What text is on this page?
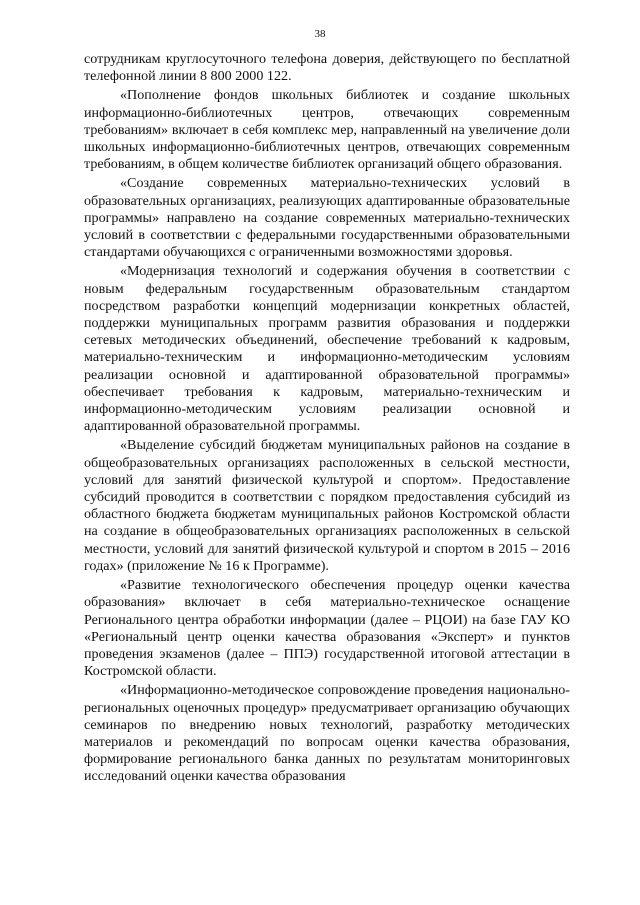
38

сотрудникам круглосуточного телефона доверия, действующего по бесплатной телефонной линии 8 800 2000 122.

«Пополнение фондов школьных библиотек и создание школьных информационно-библиотечных центров, отвечающих современным требованиям» включает в себя комплекс мер, направленный на увеличение доли школьных информационно-библиотечных центров, отвечающих современным требованиям, в общем количестве библиотек организаций общего образования.

«Создание современных материально-технических условий в образовательных организациях, реализующих адаптированные образовательные программы» направлено на создание современных материально-технических условий в соответствии с федеральными государственными образовательными стандартами обучающихся с ограниченными возможностями здоровья.

«Модернизация технологий и содержания обучения в соответствии с новым федеральным государственным образовательным стандартом посредством разработки концепций модернизации конкретных областей, поддержки муниципальных программ развития образования и поддержки сетевых методических объединений, обеспечение требований к кадровым, материально-техническим и информационно-методическим условиям реализации основной и адаптированной образовательной программы» обеспечивает требования к кадровым, материально-техническим и информационно-методическим условиям реализации основной и адаптированной образовательной программы.

«Выделение субсидий бюджетам муниципальных районов на создание в общеобразовательных организациях расположенных в сельской местности, условий для занятий физической культурой и спортом». Предоставление субсидий проводится в соответствии с порядком предоставления субсидий из областного бюджета бюджетам муниципальных районов Костромской области на создание в общеобразовательных организациях расположенных в сельской местности, условий для занятий физической культурой и спортом в 2015 – 2016 годах» (приложение № 16 к Программе).

«Развитие технологического обеспечения процедур оценки качества образования» включает в себя материально-техническое оснащение Регионального центра обработки информации (далее – РЦОИ) на базе ГАУ КО «Региональный центр оценки качества образования «Эксперт» и пунктов проведения экзаменов (далее – ППЭ) государственной итоговой аттестации в Костромской области.

«Информационно-методическое сопровождение проведения национально-региональных оценочных процедур» предусматривает организацию обучающих семинаров по внедрению новых технологий, разработку методических материалов и рекомендаций по вопросам оценки качества образования, формирование регионального банка данных по результатам мониторинговых исследований оценки качества образования
